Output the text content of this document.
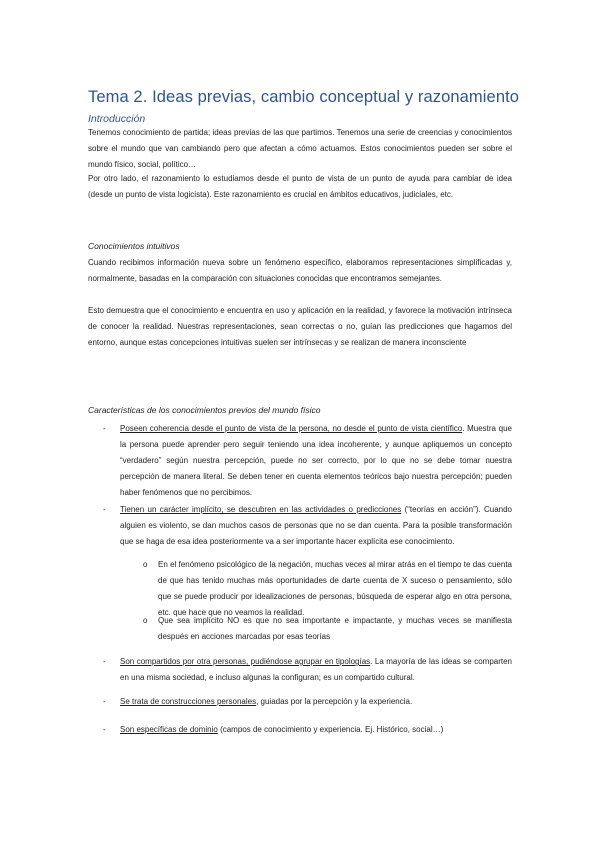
Tema 2. Ideas previas, cambio conceptual y razonamiento
Introducción
Tenemos conocimiento de partida; ideas previas de las que partimos. Tenemos una serie de creencias y conocimientos sobre el mundo que van cambiando pero que afectan a cómo actuamos. Estos conocimientos pueden ser sobre el mundo físico, social, político…
Por otro lado, el razonamiento lo estudiamos desde el punto de vista de un punto de ayuda para cambiar de idea (desde un punto de vista logicista). Este razonamiento es crucial en ámbitos educativos, judiciales, etc.
Conocimientos intuitivos
Cuando recibimos información nueva sobre un fenómeno específico, elaboramos representaciones simplificadas y, normalmente, basadas en la comparación con situaciones conocidas que encontramos semejantes.
Esto demuestra que el conocimiento e encuentra en uso y aplicación en la realidad, y favorece la motivación intrínseca de conocer la realidad. Nuestras representaciones, sean correctas o no, guían las predicciones que hagamos del entorno, aunque estas concepciones intuitivas suelen ser intrínsecas y se realizan de manera inconsciente
Características de los conocimientos previos del mundo físico
- Poseen coherencia desde el punto de vista de la persona, no desde el punto de vista científico. Muestra que la persona puede aprender pero seguir teniendo una idea incoherente, y aunque apliquemos un concepto “verdadero” según nuestra percepción, puede no ser correcto, por lo que no se debe tomar nuestra percepción de manera literal. Se deben tener en cuenta elementos teóricos bajo nuestra percepción; pueden haber fenómenos que no percibimos.
- Tienen un carácter implícito, se descubren en las actividades o predicciones (“teorías en acción”). Cuando alguien es violento, se dan muchos casos de personas que no se dan cuenta. Para la posible transformación que se haga de esa idea posteriormente va a ser importante hacer explícita ese conocimiento.
o En el fenómeno psicológico de la negación, muchas veces al mirar atrás en el tiempo te das cuenta de que has tenido muchas más oportunidades de darte cuenta de X suceso o pensamiento, sólo que se puede producir por idealizaciones de personas, búsqueda de esperar algo en otra persona, etc. que hace que no veamos la realidad.
o Que sea implícito NO es que no sea importante e impactante, y muchas veces se manifiesta después en acciones marcadas por esas teorías
- Son compartidos por otra personas, pudiéndose agrupar en tipologías. La mayoría de las ideas se comparten en una misma sociedad, e incluso algunas la configuran; es un compartido cultural.
- Se trata de construcciones personales, guiadas por la percepción y la experiencia.
- Son específicas de dominio (campos de conocimiento y experiencia. Ej. Histórico, social…)
